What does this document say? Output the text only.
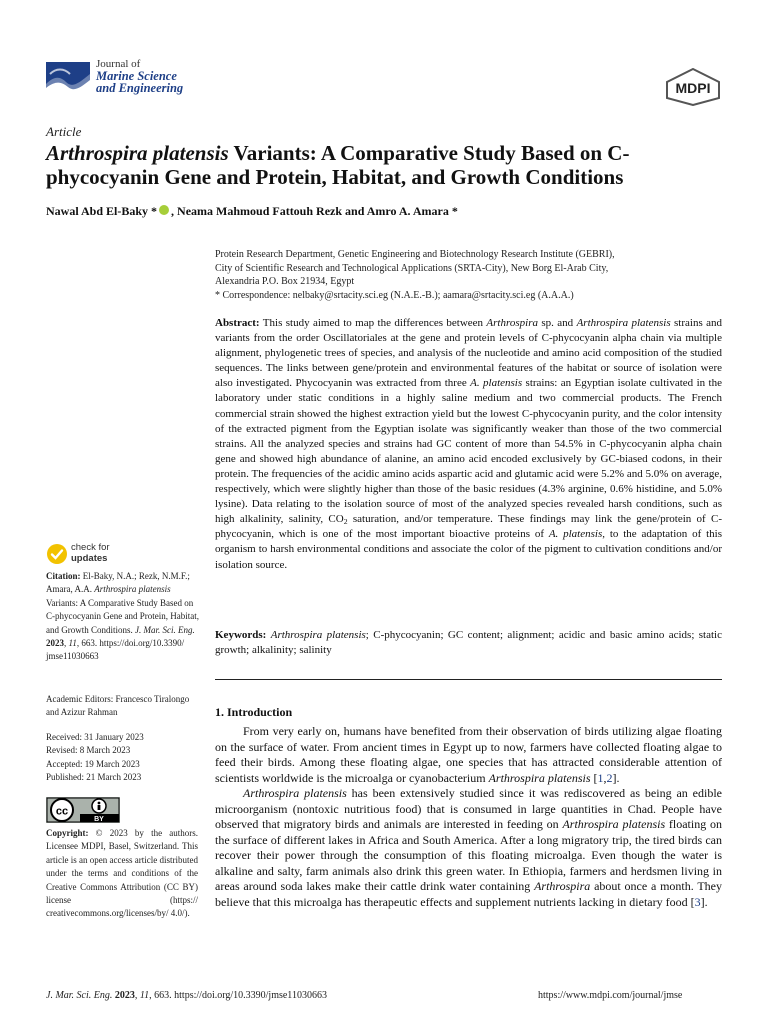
Journal of
Marine Science
and Engineering	MDPI
Article
Arthrospira platensis Variants: A Comparative Study Based on C-phycocyanin Gene and Protein, Habitat, and Growth Conditions
Nawal Abd El-Baky * , Neama Mahmoud Fattouh Rezk and Amro A. Amara *
Protein Research Department, Genetic Engineering and Biotechnology Research Institute (GEBRI),
City of Scientific Research and Technological Applications (SRTA-City), New Borg El-Arab City,
Alexandria P.O. Box 21934, Egypt
* Correspondence: nelbaky@srtacity.sci.eg (N.A.E.-B.); aamara@srtacity.sci.eg (A.A.A.)
Abstract: This study aimed to map the differences between Arthrospira sp. and Arthrospira platensis strains and variants from the order Oscillatoriales at the gene and protein levels of C-phycocyanin alpha chain via multiple alignment, phylogenetic trees of species, and analysis of the nucleotide and amino acid composition of the studied sequences. The links between gene/protein and environmental features of the habitat or source of isolation were also investigated. Phycocyanin was extracted from three A. platensis strains: an Egyptian isolate cultivated in the laboratory under static conditions in a highly saline medium and two commercial products. The French commercial strain showed the highest extraction yield but the lowest C-phycocyanin purity, and the color intensity of the extracted pigment from the Egyptian isolate was significantly weaker than those of the two commercial strains. All the analyzed species and strains had GC content of more than 54.5% in C-phycocyanin alpha chain gene and showed high abundance of alanine, an amino acid encoded exclusively by GC-biased codons, in their protein. The frequencies of the acidic amino acids aspartic acid and glutamic acid were 5.2% and 5.0% on average, respectively, which were slightly higher than those of the basic residues (4.3% arginine, 0.6% histidine, and 5.0% lysine). Data relating to the isolation source of most of the analyzed species revealed harsh conditions, such as high alkalinity, salinity, $CO_2$ saturation, and/or temperature. These findings may link the gene/protein of C-phycocyanin, which is one of the most important bioactive proteins of A. platensis, to the adaptation of this organism to harsh environmental conditions and associate the color of the pigment to cultivation conditions and/or isolation source.
Keywords: Arthrospira platensis; C-phycocyanin; GC content; alignment; acidic and basic amino acids; static growth; alkalinity; salinity
1. Introduction

From very early on, humans have benefited from their observation of birds utilizing algae floating on the surface of water. From ancient times in Egypt up to now, farmers have collected floating algae to feed their birds. Among these floating algae, one species that has attracted considerable attention of scientists worldwide is the microalga or cyanobacterium Arthrospira platensis [1,2].

Arthrospira platensis has been extensively studied since it was rediscovered as being an edible microorganism (nontoxic nutritious food) that is consumed in large quantities in Chad. People have observed that migratory birds and animals are interested in feeding on Arthrospira platensis floating on the surface of different lakes in Africa and South America. After a long migratory trip, the tired birds can recover their power through the consumption of this floating microalga. Even though the water is alkaline and salty, farm animals also drink this green water. In Ethiopia, farmers and herdsmen living in areas around soda lakes make their cattle drink water containing Arthrospira about once a month. They believe that this microalga has therapeutic effects and supplement nutrients lacking in dietary food [3].

check for
updates
Citation: El-Baky, N.A.; Rezk, N.M.F.; Amara, A.A. Arthrospira platensis Variants: A Comparative Study Based on C-phycocyanin Gene and Protein, Habitat, and Growth Conditions. J. Mar. Sci. Eng. 2023, 11, 663. https://doi.org/10.3390/ jmse11030663
Academic Editors: Francesco Tiralongo and Azizur Rahman
Received: 31 January 2023
Revised: 8 March 2023
Accepted: 19 March 2023
Published: 21 March 2023
cc
BY
Copyright: © 2023 by the authors. Licensee MDPI, Basel, Switzerland. This article is an open access article distributed under the terms and conditions of the Creative Commons Attribution (CC BY) license (https:// creativecommons.org/licenses/by/ 4.0/).
J. Mar. Sci. Eng. 2023, 11, 663. https://doi.org/10.3390/jmse11030663	https://www.mdpi.com/journal/jmse
